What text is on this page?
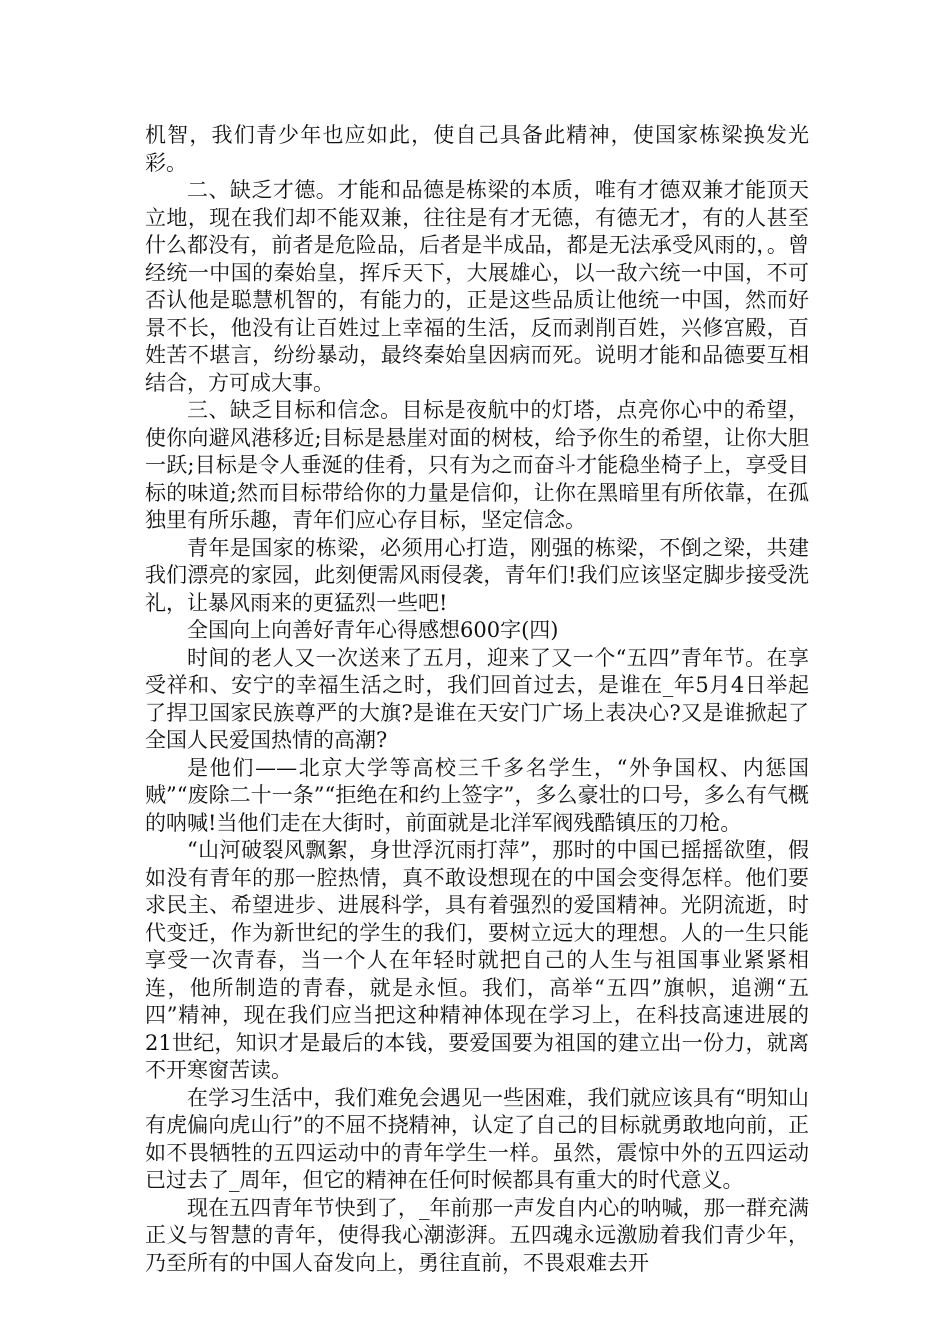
机智，我们青少年也应如此，使自己具备此精神，使国家栋梁换发光彩。

二、缺乏才德。才能和品德是栋梁的本质，唯有才德双兼才能顶天立地，现在我们却不能双兼，往往是有才无德，有德无才，有的人甚至什么都没有，前者是危险品，后者是半成品，都是无法承受风雨的，。曾经统一中国的秦始皇，挥斥天下，大展雄心，以一敌六统一中国，不可否认他是聪慧机智的，有能力的，正是这些品质让他统一中国，然而好景不长，他没有让百姓过上幸福的生活，反而剥削百姓，兴修宫殿，百姓苦不堪言，纷纷暴动，最终秦始皇因病而死。说明才能和品德要互相结合，方可成大事。

三、缺乏目标和信念。目标是夜航中的灯塔，点亮你心中的希望，使你向避风港移近;目标是悬崖对面的树枝，给予你生的希望，让你大胆一跃;目标是令人垂涎的佳肴，只有为之而奋斗才能稳坐椅子上，享受目标的味道;然而目标带给你的力量是信仰，让你在黑暗里有所依靠，在孤独里有所乐趣，青年们应心存目标，坚定信念。

青年是国家的栋梁，必须用心打造，刚强的栋梁，不倒之梁，共建我们漂亮的家园，此刻便需风雨侵袭，青年们!我们应该坚定脚步接受洗礼，让暴风雨来的更猛烈一些吧!

全国向上向善好青年心得感想600字(四)

时间的老人又一次送来了五月，迎来了又一个“五四”青年节。在享受祥和、安宁的幸福生活之时，我们回首过去，是谁在_年5月4日举起了捍卫国家民族尊严的大旗?是谁在天安门广场上表决心?又是谁掀起了全国人民爱国热情的高潮?

是他们——北京大学等高校三千多名学生，“外争国权、内惩国贼”“废除二十一条”“拒绝在和约上签字”，多么豪壮的口号，多么有气概的呐喊!当他们走在大街时，前面就是北洋军阀残酷镇压的刀枪。

“山河破裂风飘絮，身世浮沉雨打萍”，那时的中国已摇摇欲堕，假如没有青年的那一腔热情，真不敢设想现在的中国会变得怎样。他们要求民主、希望进步、进展科学，具有着强烈的爱国精神。光阴流逝，时代变迁，作为新世纪的学生的我们，要树立远大的理想。人的一生只能享受一次青春，当一个人在年轻时就把自己的人生与祖国事业紧紧相连，他所制造的青春，就是永恒。我们，高举“五四”旗帜，追溯“五四”精神，现在我们应当把这种精神体现在学习上，在科技高速进展的21世纪，知识才是最后的本钱，要爱国要为祖国的建立出一份力，就离不开寒窗苦读。

在学习生活中，我们难免会遇见一些困难，我们就应该具有“明知山有虎偏向虎山行”的不屈不挠精神，认定了自己的目标就勇敢地向前，正如不畏牺牲的五四运动中的青年学生一样。虽然，震惊中外的五四运动已过去了_周年，但它的精神在任何时候都具有重大的时代意义。

现在五四青年节快到了，_年前那一声发自内心的呐喊，那一群充满正义与智慧的青年，使得我心潮澎湃。五四魂永远激励着我们青少年，乃至所有的中国人奋发向上，勇往直前，不畏艰难去开
